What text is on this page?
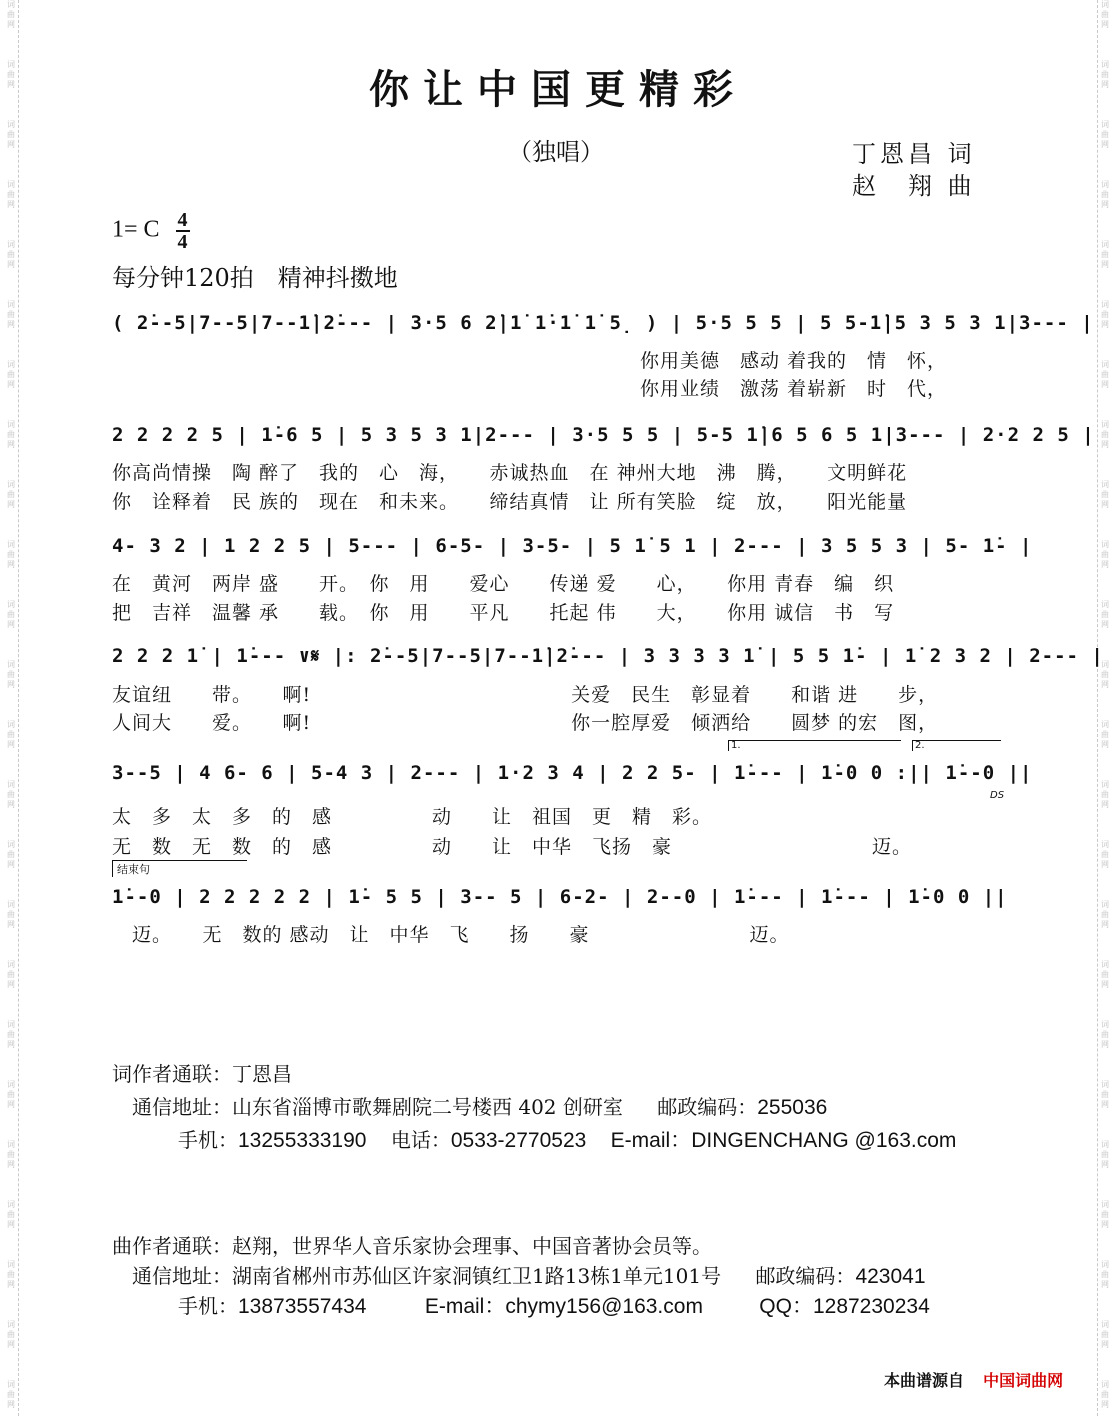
词曲网
词曲网
词曲网
词曲网
词曲网
词曲网
词曲网
词曲网
词曲网
词曲网
词曲网
词曲网
词曲网
词曲网
词曲网
词曲网
词曲网
词曲网
词曲网
词曲网
词曲网
词曲网
词曲网
词曲网
词曲网
词曲网
词曲网
词曲网
词曲网
词曲网
词曲网
词曲网
词曲网
词曲网
词曲网
词曲网
词曲网
词曲网
词曲网
词曲网
词曲网
词曲网
词曲网
词曲网
词曲网
词曲网
词曲网
词曲网
你让中国更精彩
（独唱）	丁恩昌 词
赵　翔 曲
1= C $\frac{4}{4}$
每分钟120拍　精神抖擞地
( 2̇--5|7--5|7--1̇|2̇--- | 3·5 6 2̇|1̇ 1̇·1̇ 1̇ 5̣ ) | 5·5 5 5 | 5 5-1̇|5 3 5 3 1|3--- |
你用美德　感动 着我的　情　怀，
你用业绩　激荡 着崭新　时　代，
2 2 2 2 5 | 1̇-6 5 | 5 3 5 3 1|2--- | 3·5 5 5 | 5-5 1̇|6 5 6 5 1|3--- | 2·2 2 5 |
你高尚情操　陶 醉了　我的　心　海，　　赤诚热血　在 神州大地　沸　腾，　　文明鲜花
你　诠释着　民 族的　现在　和未来。　　缔结真情　让 所有笑脸　绽　放，　　阳光能量
4- 3 2 | 1 2 2 5 | 5--- | 6-5- | 3-5- | 5 1̇ 5 1 | 2--- | 3 5 5 3 | 5- 1̇- |
在　黄河　两岸 盛　　开。　你　用　　爱心　　传递 爱　　心，　　你用 青春　编　织
把　吉祥　温馨 承　　载。　你　用　　平凡　　托起 伟　　大，　　你用 诚信　书　写
2 2 2 1̇ | 1̇--- ∨𝄋 |: 2̇--5|7--5|7--1̇|2̇--- | 3 3 3 3 1̇ | 5 5 1̇- | 1̇ 2 3 2 | 2--- |
友谊纽　　带。　　啊!　　　　　　　　　　　　　关爱　民生　彰显着　　和谐 进　　步，
人间大　　爱。　　啊!　　　　　　　　　　　　　你一腔厚爱　倾洒给　　圆梦 的宏　图，
1.	2.
3--5 | 4 6- 6 | 5-4 3 | 2--- | 1·2 3 4 | 2 2 5- | 1̇--- | 1̇-0 0 :|| 1̇--0 ||
DS
太　多　太　多　的　感　　　　　动　　让　祖国　更　精　彩。
无　数　无　数　的　感　　　　　动　　让　中华　飞扬　豪　　　　　　　　　　迈。
结束句
1̇--0 | 2 2 2 2 2 | 1̇- 5 5 | 3-- 5 | 6-2- | 2--0 | 1̇--- | 1̇--- | 1̇-0 0 ||
迈。　　无　数的 感动　让　中华　飞　　扬　　豪　　　　　　　　迈。
词作者通联：丁恩昌
通信地址：山东省淄博市歌舞剧院二号楼西 402 创研室 邮政编码：255036
手机：13255333190 电话：0533-2770523 E-mail：DINGENCHANG @163.com
曲作者通联：赵翔，世界华人音乐家协会理事、中国音著协会员等。
通信地址：湖南省郴州市苏仙区许家洞镇红卫1路13栋1单元101号 邮政编码：423041
手机：13873557434	E-mail：chymy156@163.com	QQ：1287230234
本曲谱源自 中国词曲网
